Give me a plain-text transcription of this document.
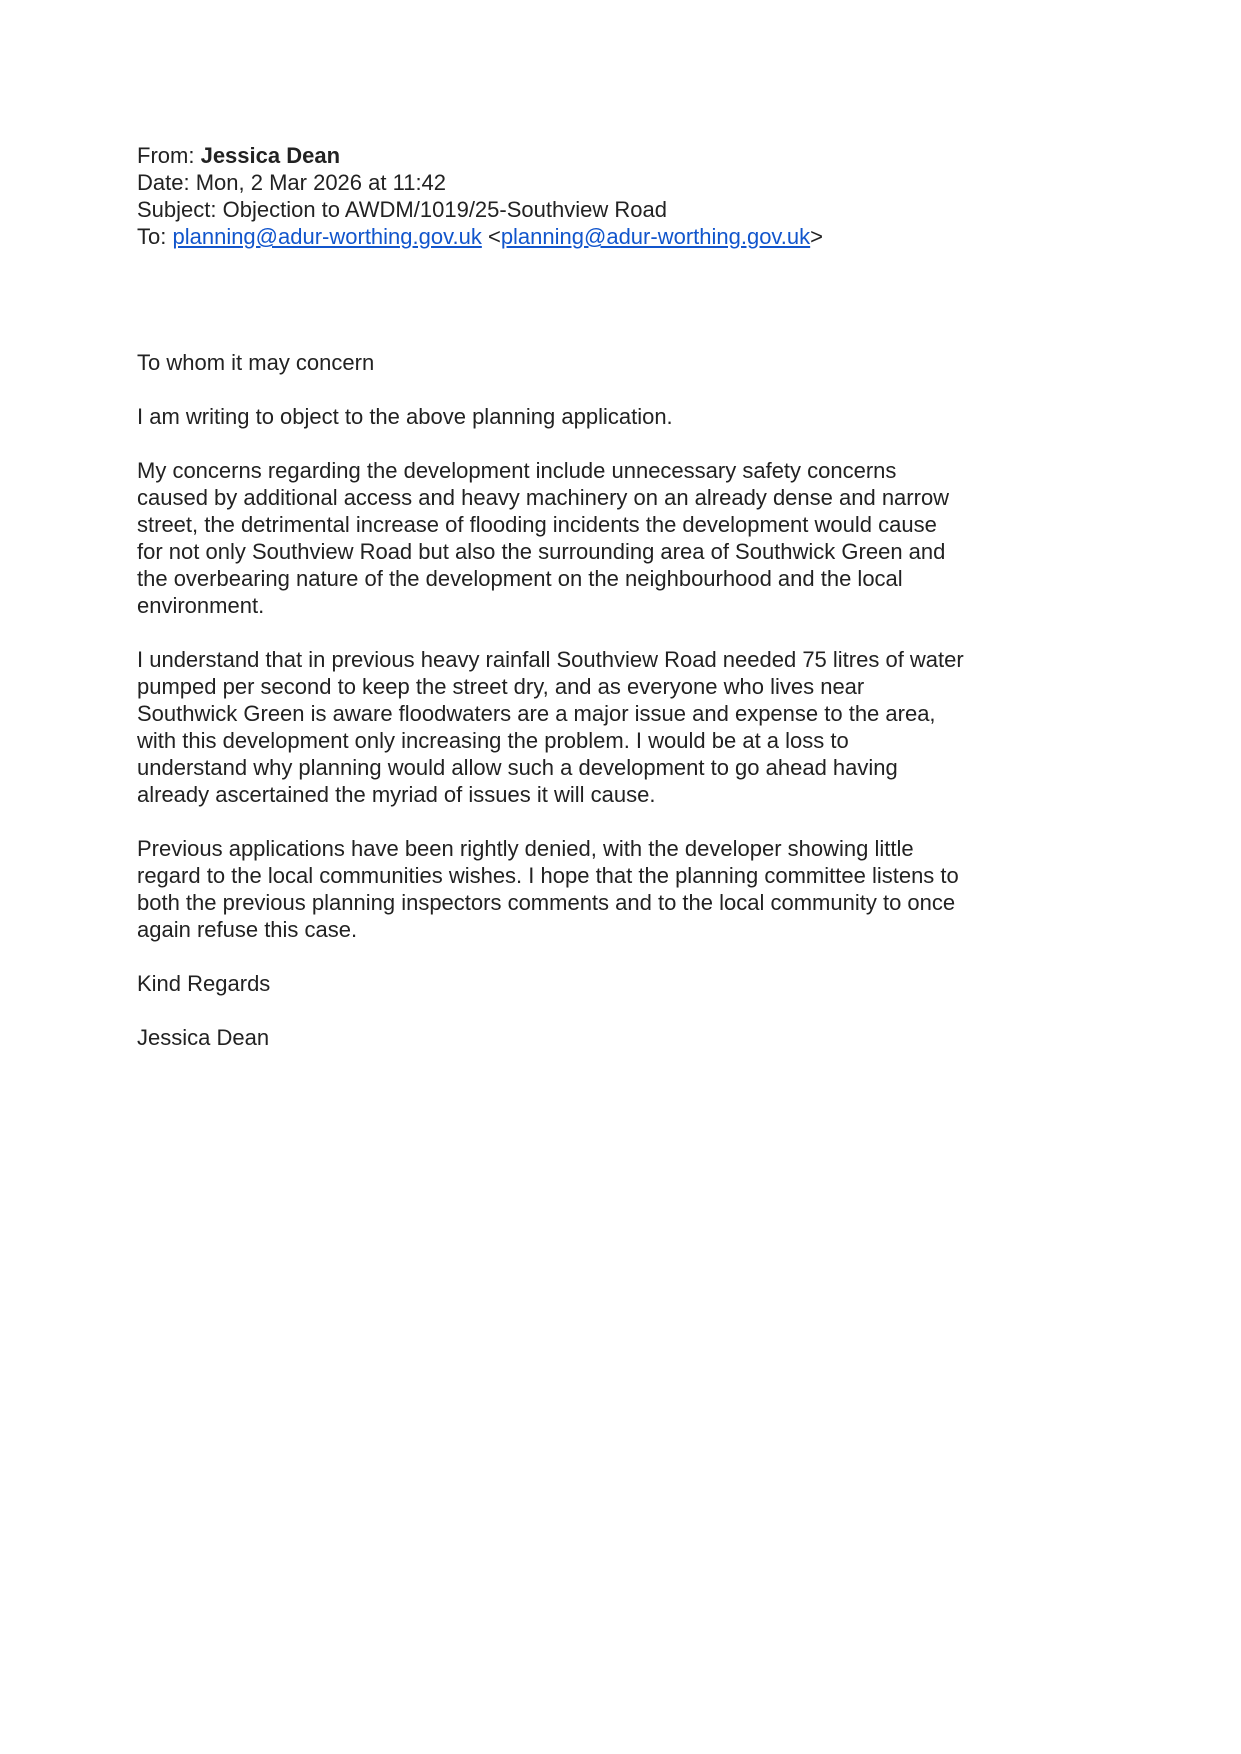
From: Jessica Dean

Date: Mon, 2 Mar 2026 at 11:42

Subject: Objection to AWDM/1019/25-Southview Road

To: planning@adur-worthing.gov.uk <planning@adur-worthing.gov.uk>

To whom it may concern

I am writing to object to the above planning application.

My concerns regarding the development include unnecessary safety concerns
caused by additional access and heavy machinery on an already dense and narrow
street, the detrimental increase of flooding incidents the development would cause
for not only Southview Road but also the surrounding area of Southwick Green and
the overbearing nature of the development on the neighbourhood and the local
environment.

I understand that in previous heavy rainfall Southview Road needed 75 litres of water
pumped per second to keep the street dry, and as everyone who lives near
Southwick Green is aware floodwaters are a major issue and expense to the area,
with this development only increasing the problem. I would be at a loss to
understand why planning would allow such a development to go ahead having
already ascertained the myriad of issues it will cause.

Previous applications have been rightly denied, with the developer showing little
regard to the local communities wishes. I hope that the planning committee listens to
both the previous planning inspectors comments and to the local community to once
again refuse this case.

Kind Regards

Jessica Dean
